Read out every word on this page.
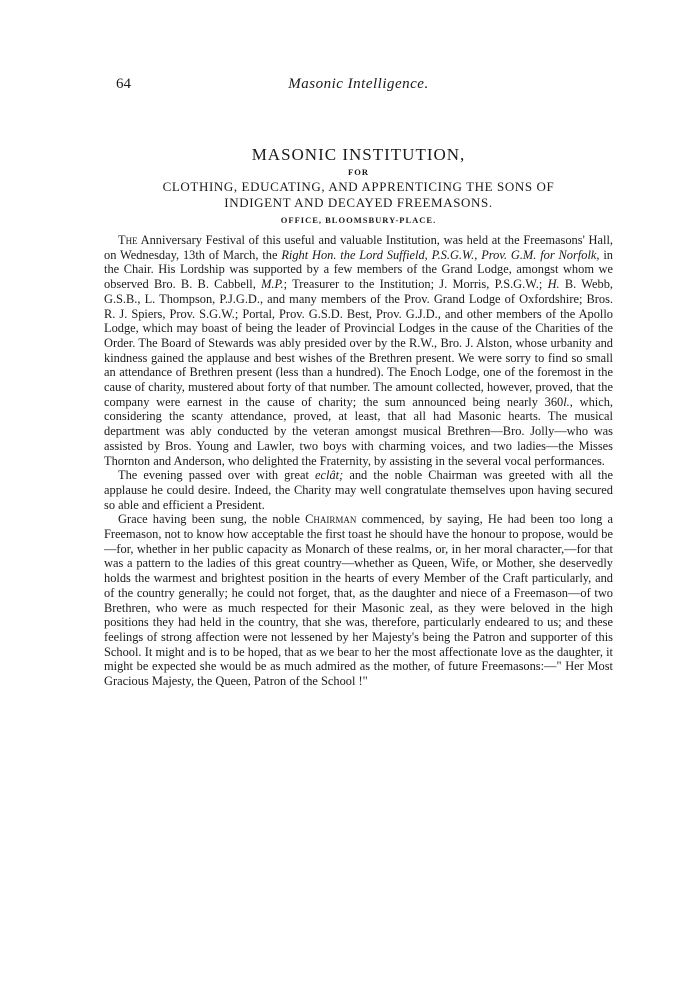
64	Masonic Intelligence.
MASONIC INSTITUTION,
FOR
CLOTHING, EDUCATING, AND APPRENTICING THE SONS OF
INDIGENT AND DECAYED FREEMASONS.
OFFICE, BLOOMSBURY-PLACE.

The Anniversary Festival of this useful and valuable Institution, was held at the Freemasons' Hall, on Wednesday, 13th of March, the Right Hon. the Lord Suffield, P.S.G.W., Prov. G.M. for Norfolk, in the Chair. His Lordship was supported by a few members of the Grand Lodge, amongst whom we observed Bro. B. B. Cabbell, M.P.; Treasurer to the Institution; J. Morris, P.S.G.W.; H. B. Webb, G.S.B., L. Thompson, P.J.G.D., and many members of the Prov. Grand Lodge of Oxfordshire; Bros. R. J. Spiers, Prov. S.G.W.; Portal, Prov. G.S.D. Best, Prov. G.J.D., and other members of the Apollo Lodge, which may boast of being the leader of Provincial Lodges in the cause of the Charities of the Order. The Board of Stewards was ably presided over by the R.W., Bro. J. Alston, whose urbanity and kindness gained the applause and best wishes of the Brethren present. We were sorry to find so small an attendance of Brethren present (less than a hundred). The Enoch Lodge, one of the foremost in the cause of charity, mustered about forty of that number. The amount collected, however, proved, that the company were earnest in the cause of charity; the sum announced being nearly 360l., which, considering the scanty attendance, proved, at least, that all had Masonic hearts. The musical department was ably conducted by the veteran amongst musical Brethren—Bro. Jolly—who was assisted by Bros. Young and Lawler, two boys with charming voices, and two ladies—the Misses Thornton and Anderson, who delighted the Fraternity, by assisting in the several vocal performances.

The evening passed over with great eclât; and the noble Chairman was greeted with all the applause he could desire. Indeed, the Charity may well congratulate themselves upon having secured so able and efficient a President.

Grace having been sung, the noble Chairman commenced, by saying, He had been too long a Freemason, not to know how acceptable the first toast he should have the honour to propose, would be—for, whether in her public capacity as Monarch of these realms, or, in her moral character,—for that was a pattern to the ladies of this great country—whether as Queen, Wife, or Mother, she deservedly holds the warmest and brightest position in the hearts of every Member of the Craft particularly, and of the country generally; he could not forget, that, as the daughter and niece of a Freemason—of two Brethren, who were as much respected for their Masonic zeal, as they were beloved in the high positions they had held in the country, that she was, therefore, particularly endeared to us; and these feelings of strong affection were not lessened by her Majesty's being the Patron and supporter of this School. It might and is to be hoped, that as we bear to her the most affectionate love as the daughter, it might be expected she would be as much admired as the mother, of future Freemasons:—" Her Most Gracious Majesty, the Queen, Patron of the School !"
